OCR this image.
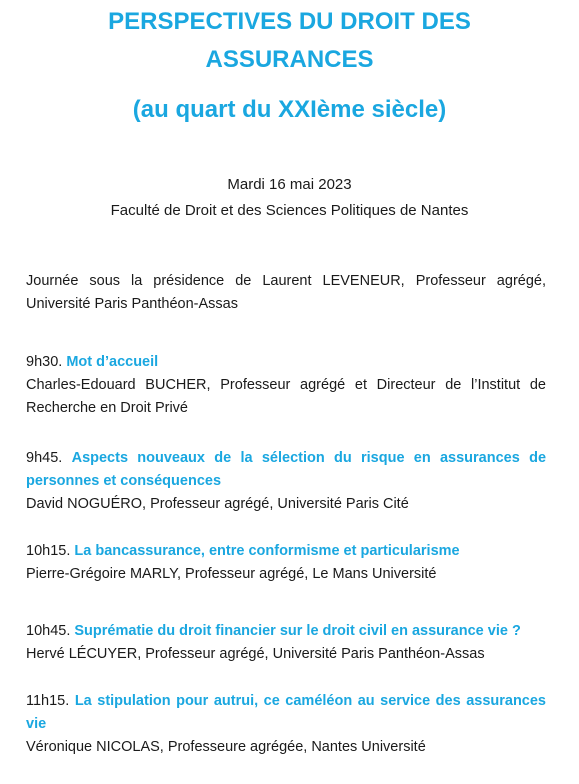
PERSPECTIVES DU DROIT DES
ASSURANCES
(au quart du XXIème siècle)
Mardi 16 mai 2023
Faculté de Droit et des Sciences Politiques de Nantes

Journée sous la présidence de Laurent LEVENEUR, Professeur agrégé, Université Paris Panthéon-Assas

9h30. Mot d’accueil
Charles-Edouard BUCHER, Professeur agrégé et Directeur de l’Institut de Recherche en Droit Privé
9h45. Aspects nouveaux de la sélection du risque en assurances de personnes et conséquences
David NOGUÉRO, Professeur agrégé, Université Paris Cité
10h15. La bancassurance, entre conformisme et particularisme
Pierre-Grégoire MARLY, Professeur agrégé, Le Mans Université
10h45. Suprématie du droit financier sur le droit civil en assurance vie ?
Hervé LÉCUYER, Professeur agrégé, Université Paris Panthéon-Assas
11h15. La stipulation pour autrui, ce caméléon au service des assurances vie
Véronique NICOLAS, Professeure agrégée, Nantes Université
